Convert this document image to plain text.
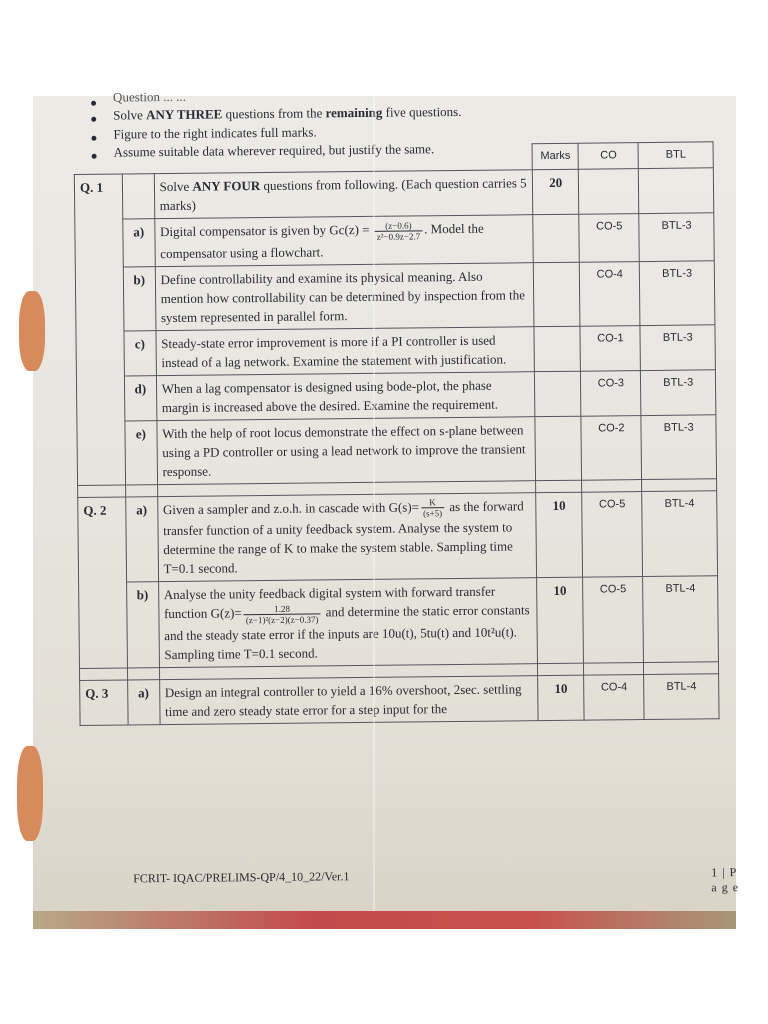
Question ... ...
Solve ANY THREE questions from the remaining five questions.
Figure to the right indicates full marks.
Assume suitable data wherever required, but justify the same.
			Marks	CO	BTL
Q. 1		Solve ANY FOUR questions from following. (Each question carries 5 marks)	20		
	a)	Digital compensator is given by $Gc(z) = \frac{(z-0.6)}{\text{z²−0.9z−2.7}}$ . Model the compensator using a flowchart.		CO-5	BTL-3
	b)	Define controllability and examine its physical meaning. Also mention how controllability can be determined by inspection from the system represented in parallel form.		CO-4	BTL-3
	c)	Steady-state error improvement is more if a PI controller is used instead of a lag network. Examine the statement with justification.		CO-1	BTL-3
	d)	When a lag compensator is designed using bode-plot, the phase margin is increased above the desired. Examine the requirement.		CO-3	BTL-3
	e)	With the help of root locus demonstrate the effect on s-plane between using a PD controller or using a lead network to improve the transient response.		CO-2	BTL-3

Q. 2	a)	Given a sampler and z.o.h. in cascade with $G(s)= \frac{K}{(s+5)}$ as the forward transfer function of a unity feedback system. Analyse the system to determine the range of K to make the system stable. Sampling time T=0.1 second.	10	CO-5	BTL-4
	b)	Analyse the unity feedback digital system with forward transfer function $G(z)= \frac{1.28}{\text{(z−1)²(z−2)(z−0.37)}}$ and determine the static error constants and the steady state error if the inputs are 10u(t), 5tu(t) and 10t²u(t). Sampling time T=0.1 second.	10	CO-5	BTL-4

Q. 3	a)	Design an integral controller to yield a 16% overshoot, 2sec. settling time and zero steady state error for a step input for the	10	CO-4	BTL-4
FCRIT- IQAC/PRELIMS-QP/4_10_22/Ver.1	1 | P a g e
